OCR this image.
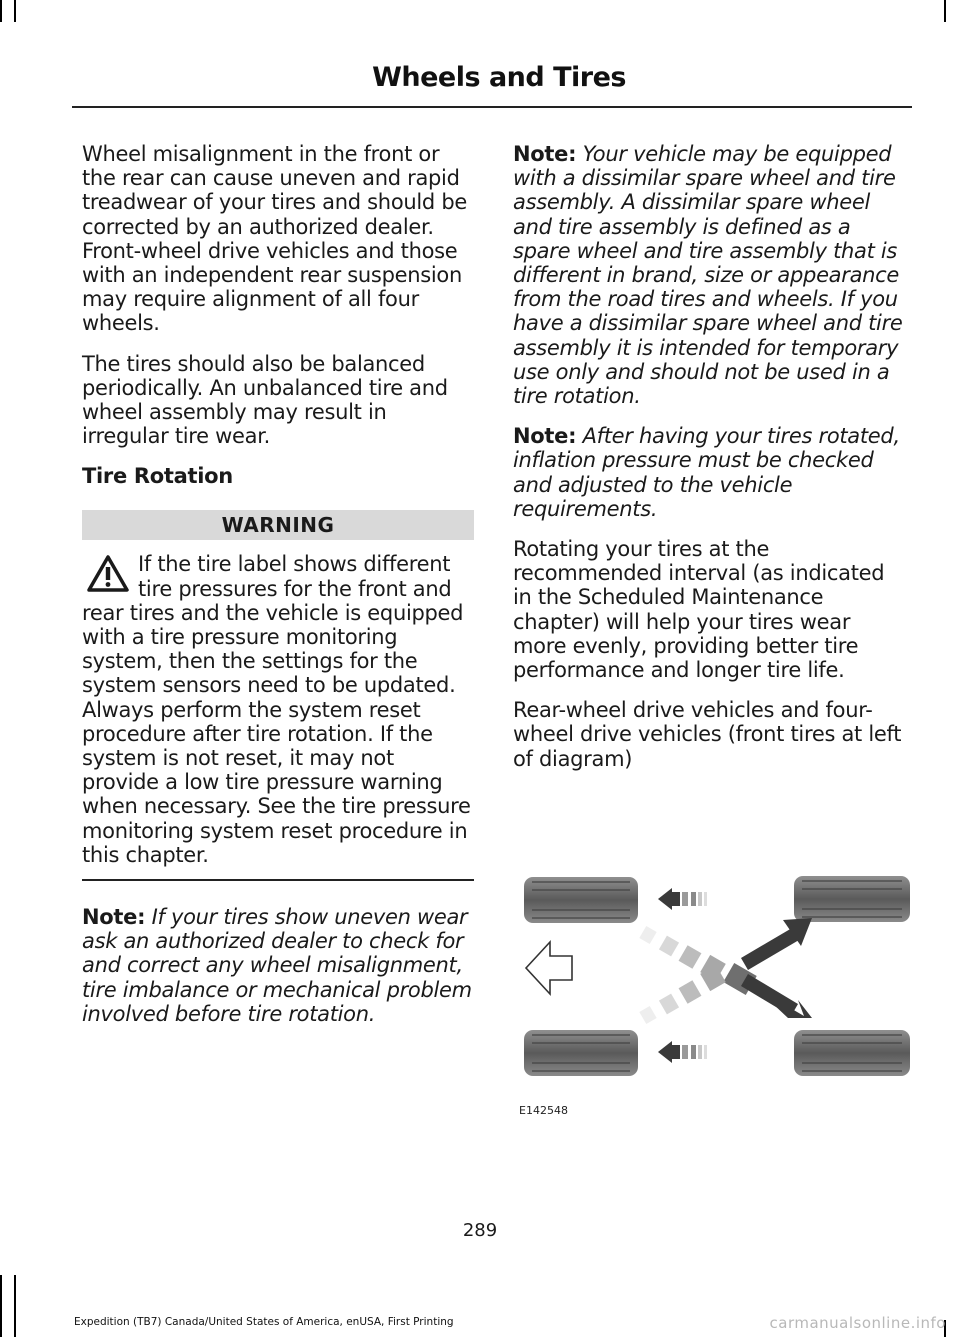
Wheels and Tires

Wheel misalignment in the front or the rear can cause uneven and rapid treadwear of your tires and should be corrected by an authorized dealer. Front-wheel drive vehicles and those with an independent rear suspension may require alignment of all four wheels.

The tires should also be balanced periodically. An unbalanced tire and wheel assembly may result in irregular tire wear.

Tire Rotation
WARNING
If the tire label shows different tire pressures for the front and rear tires and the vehicle is equipped with a tire pressure monitoring system, then the settings for the system sensors need to be updated. Always perform the system reset procedure after tire rotation. If the system is not reset, it may not provide a low tire pressure warning when necessary. See the tire pressure monitoring system reset procedure in this chapter.

Note: If your tires show uneven wear ask an authorized dealer to check for and correct any wheel misalignment, tire imbalance or mechanical problem involved before tire rotation.

Note: Your vehicle may be equipped with a dissimilar spare wheel and tire assembly. A dissimilar spare wheel and tire assembly is defined as a spare wheel and tire assembly that is different in brand, size or appearance from the road tires and wheels. If you have a dissimilar spare wheel and tire assembly it is intended for temporary use only and should not be used in a tire rotation.

Note: After having your tires rotated, inflation pressure must be checked and adjusted to the vehicle requirements.

Rotating your tires at the recommended interval (as indicated in the Scheduled Maintenance chapter) will help your tires wear more evenly, providing better tire performance and longer tire life.

Rear-wheel drive vehicles and four-wheel drive vehicles (front tires at left of diagram)

E142548
289
Expedition (TB7) Canada/United States of America, enUSA, First Printing	carmanualsonline.info
